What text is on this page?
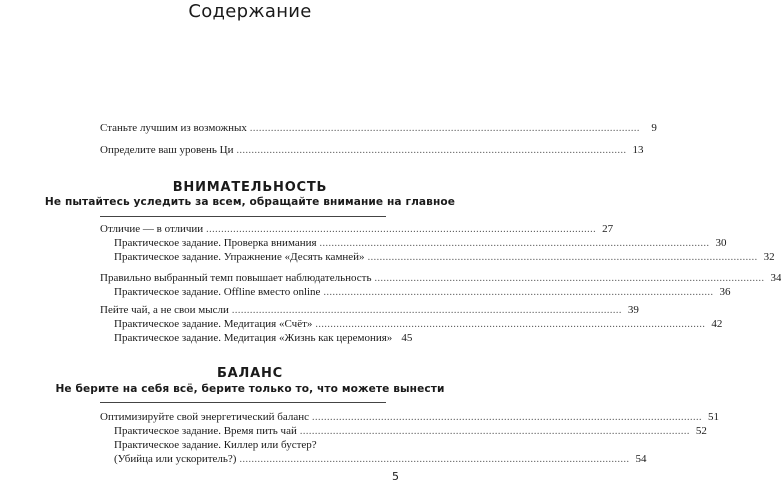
Содержание
Станьте лучшим из возможных ..................................................................................................................................	9
Определите ваш уровень Ци .................................................................................................................................. 13
ВНИМАТЕЛЬНОСТЬ
Не пытайтесь уследить за всем, обращайте внимание на главное
Отличие — в отличии .................................................................................................................................. 27
Практическое задание. Проверка внимания .................................................................................................................................. 30
Практическое задание. Упражнение «Десять камней» .................................................................................................................................. 32
Правильно выбранный темп повышает наблюдательность .................................................................................................................................. 34
Практическое задание. Offline вместо online .................................................................................................................................. 36
Пейте чай, а не свои мысли .................................................................................................................................. 39
Практическое задание. Медитация «Счёт» .................................................................................................................................. 42
Практическое задание. Медитация «Жизнь как церемония» 45
БАЛАНС
Не берите на себя всё, берите только то, что можете вынести
Оптимизируйте свой энергетический баланс .................................................................................................................................. 51
Практическое задание. Время пить чай .................................................................................................................................. 52
Практическое задание. Киллер или бустер?
(Убийца или ускоритель?) .................................................................................................................................. 54
5
